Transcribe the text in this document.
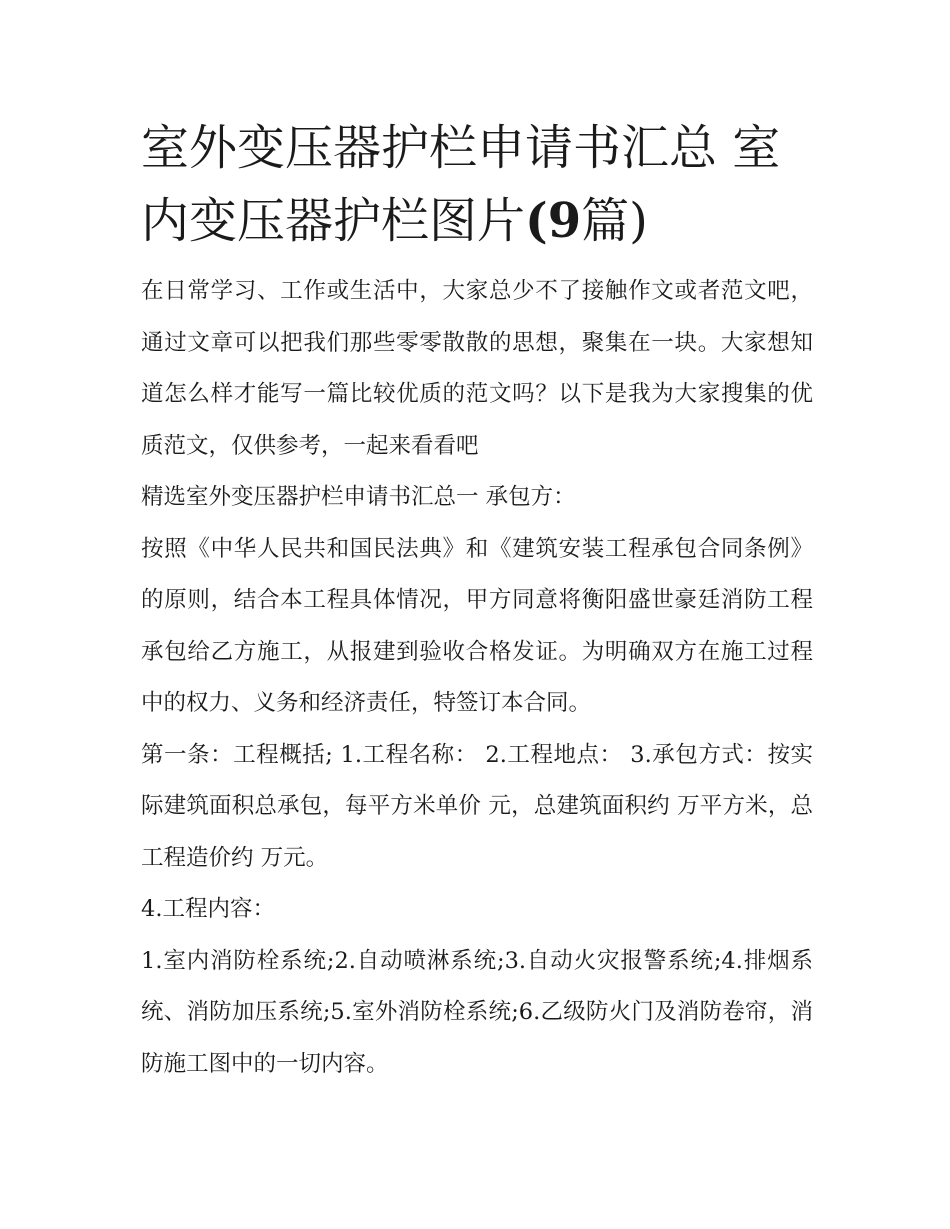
室外变压器护栏申请书汇总 室内变压器护栏图片(9篇)

在日常学习、工作或生活中，大家总少不了接触作文或者范文吧，通过文章可以把我们那些零零散散的思想，聚集在一块。大家想知道怎么样才能写一篇比较优质的范文吗？以下是我为大家搜集的优质范文，仅供参考，一起来看看吧

精选室外变压器护栏申请书汇总一 承包方：

按照《中华人民共和国民法典》和《建筑安装工程承包合同条例》的原则，结合本工程具体情况，甲方同意将衡阳盛世豪廷消防工程承包给乙方施工，从报建到验收合格发证。为明确双方在施工过程中的权力、义务和经济责任，特签订本合同。

第一条：工程概括; 1.工程名称： 2.工程地点： 3.承包方式：按实际建筑面积总承包，每平方米单价 元，总建筑面积约 万平方米，总工程造价约 万元。

4.工程内容：

1.室内消防栓系统;2.自动喷淋系统;3.自动火灾报警系统;4.排烟系统、消防加压系统;5.室外消防栓系统;6.乙级防火门及消防卷帘，消防施工图中的一切内容。
